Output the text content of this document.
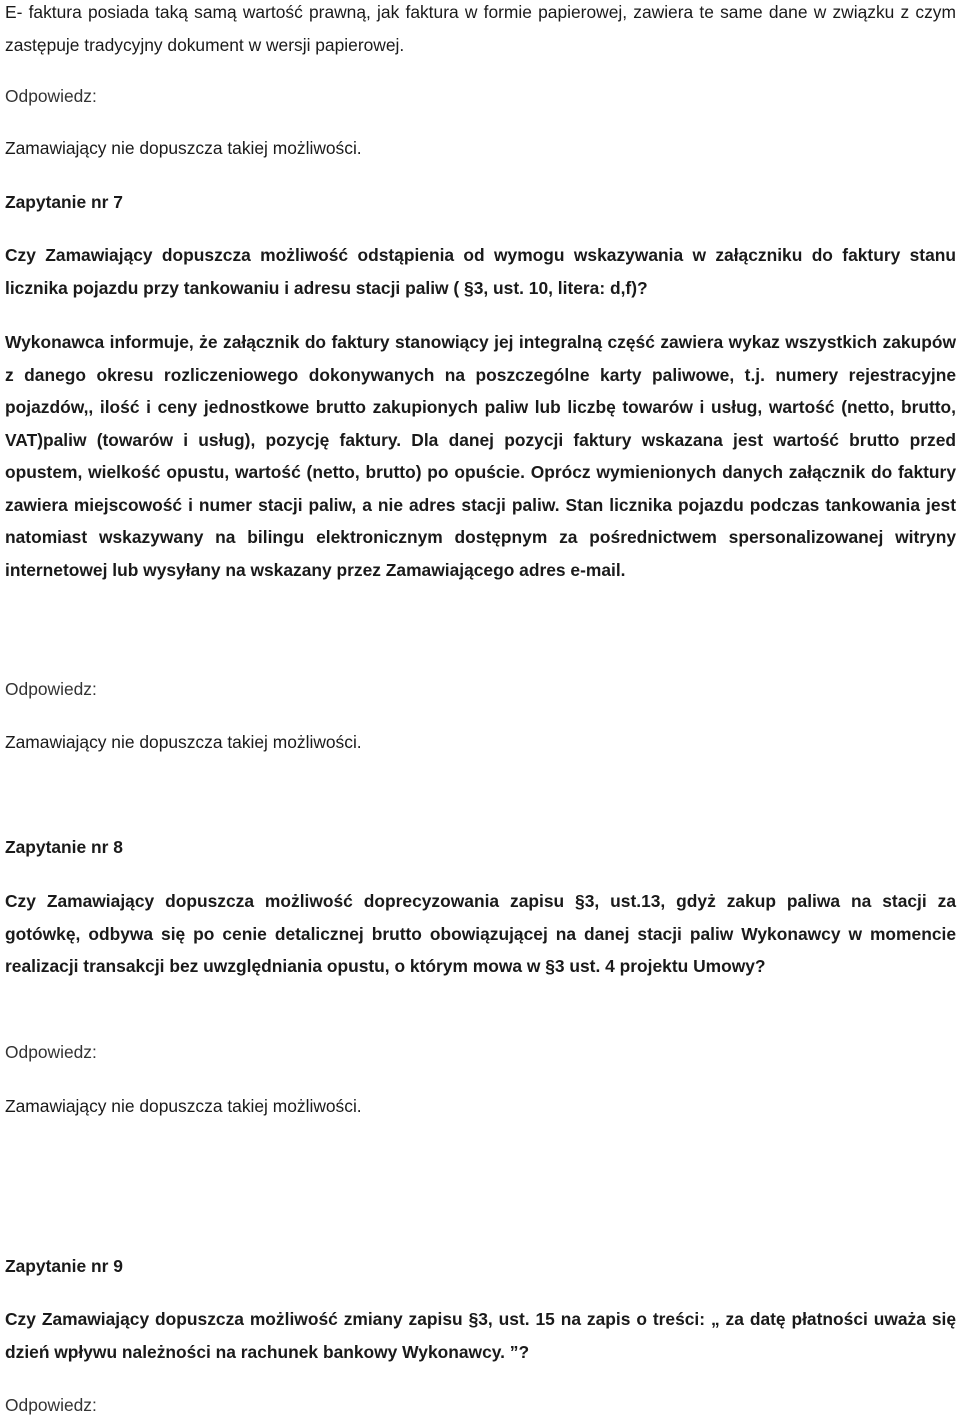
E- faktura posiada taką samą wartość prawną, jak faktura w formie papierowej, zawiera te same dane w związku z czym zastępuje tradycyjny dokument w wersji papierowej.

Odpowiedz:

Zamawiający nie dopuszcza takiej możliwości.

Zapytanie nr 7

Czy Zamawiający dopuszcza możliwość odstąpienia od wymogu wskazywania w załączniku do faktury stanu licznika pojazdu przy tankowaniu i adresu stacji paliw ( §3, ust. 10, litera: d,f)?

Wykonawca informuje, że załącznik do faktury stanowiący jej integralną część zawiera wykaz wszystkich zakupów z danego okresu rozliczeniowego dokonywanych na poszczególne karty paliwowe, t.j. numery rejestracyjne pojazdów,, ilość i ceny jednostkowe brutto zakupionych paliw lub liczbę towarów i usług, wartość (netto, brutto, VAT)paliw (towarów i usług), pozycję faktury. Dla danej pozycji faktury wskazana jest wartość brutto przed opustem, wielkość opustu, wartość (netto, brutto) po opuście. Oprócz wymienionych danych załącznik do faktury zawiera miejscowość i numer stacji paliw, a nie adres stacji paliw. Stan licznika pojazdu podczas tankowania jest natomiast wskazywany na bilingu elektronicznym dostępnym za pośrednictwem spersonalizowanej witryny internetowej lub wysyłany na wskazany przez Zamawiającego adres e-mail.

Odpowiedz:

Zamawiający nie dopuszcza takiej możliwości.

Zapytanie nr 8

Czy Zamawiający dopuszcza możliwość doprecyzowania zapisu §3, ust.13, gdyż zakup paliwa na stacji za gotówkę, odbywa się po cenie detalicznej brutto obowiązującej na danej stacji paliw Wykonawcy w momencie realizacji transakcji bez uwzględniania opustu, o którym mowa w §3 ust. 4 projektu Umowy?

Odpowiedz:

Zamawiający nie dopuszcza takiej możliwości.

Zapytanie nr 9

Czy Zamawiający dopuszcza możliwość zmiany zapisu §3, ust. 15 na zapis o treści: „ za datę płatności uważa się dzień wpływu należności na rachunek bankowy Wykonawcy. ”?

Odpowiedz:
